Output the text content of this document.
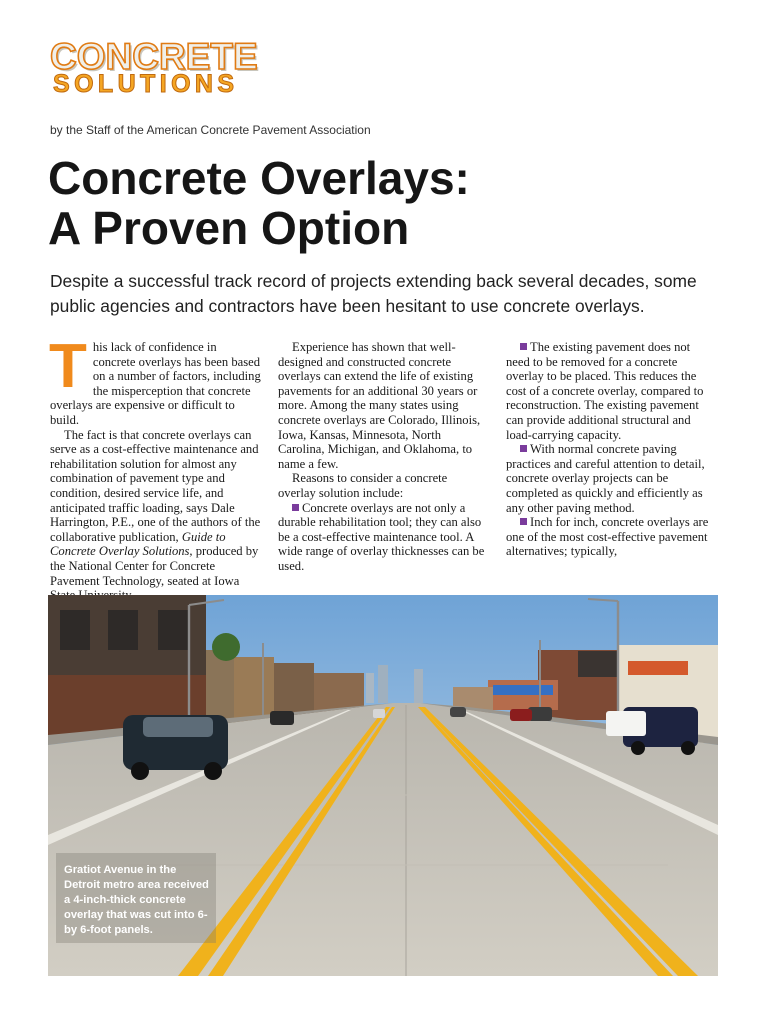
CONCRETE
SOLUTIONS
by the Staff of the American Concrete Pavement Association
Concrete Overlays:
A Proven Option

Despite a successful track record of projects extending back several decades, some public agencies and contractors have been hesitant to use concrete overlays.

This lack of confidence in concrete overlays has been based on a number of factors, including the misperception that concrete overlays are expensive or difficult to build.

The fact is that concrete overlays can serve as a cost-effective maintenance and rehabilitation solution for almost any combination of pavement type and condition, desired service life, and anticipated traffic loading, says Dale Harrington, P.E., one of the authors of the collaborative publication, Guide to Concrete Overlay Solutions, produced by the National Center for Concrete Pavement Technology, seated at Iowa

Experience has shown that well-designed and constructed concrete overlays can extend the life of existing pavements for an additional 30 years or more. Among the many states using concrete overlays are Colorado, Illinois, Iowa, Kansas, Minnesota, North Carolina, Michigan, and Oklahoma, to name a few.

Reasons to consider a concrete overlay solution include:

Concrete overlays are not only a durable rehabilitation tool; they can also be a cost-effective maintenance tool. A wide range of overlay thicknesses can be used.

The existing pavement does not need to be removed for a concrete overlay to be placed. This reduces the cost of a concrete overlay, compared to reconstruction. The existing pavement can provide additional structural and load-carrying capacity.

With normal concrete paving practices and careful attention to detail, concrete overlay projects can be completed as quickly and efficiently as any other paving method.

Inch for inch, concrete overlays are one of the most cost-effective pavement alternatives; typically,

Gratiot Avenue in the Detroit metro area received a 4-inch-thick concrete overlay that was cut into 6- by 6-foot panels.
